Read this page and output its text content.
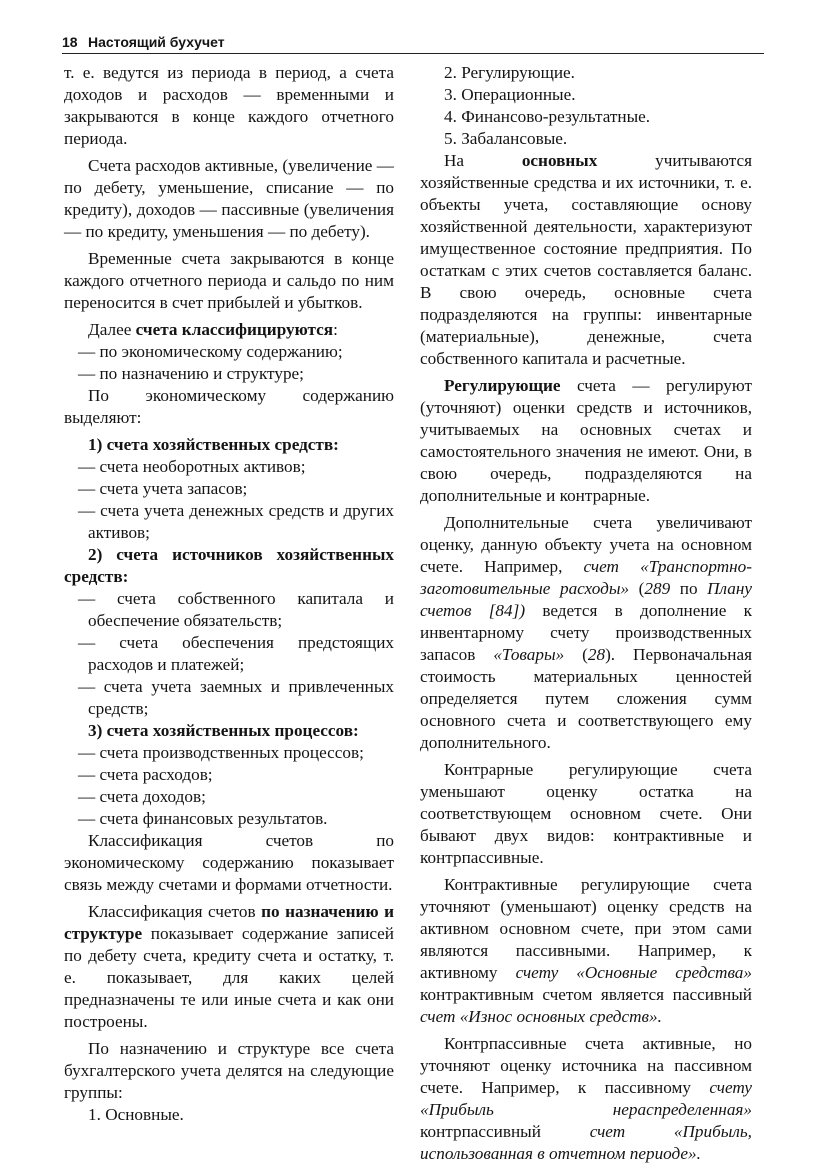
18 Настоящий бухучет

т. е. ведутся из периода в период, а счета доходов и расходов — временными и закрываются в конце каждого отчетного периода.

Счета расходов активные, (увеличение — по дебету, уменьшение, списание — по кредиту), доходов — пассивные (увеличения — по кредиту, уменьшения — по дебету).

Временные счета закрываются в конце каждого отчетного периода и сальдо по ним переносится в счет прибылей и убытков.

Далее счета классифицируются:

— по экономическому содержанию;

— по назначению и структуре;

По экономическому содержанию выделяют:

1) счета хозяйственных средств:

— счета необоротных активов;

— счета учета запасов;

— счета учета денежных средств и других активов;

2) счета источников хозяйственных средств:

— счета собственного капитала и обеспечение обязательств;

— счета обеспечения предстоящих расходов и платежей;

— счета учета заемных и привлеченных средств;

3) счета хозяйственных процессов:

— счета производственных процессов;

— счета расходов;

— счета доходов;

— счета финансовых результатов.

Классификация счетов по экономическому содержанию показывает связь между счетами и формами отчетности.

Классификация счетов по назначению и структуре показывает содержание записей по дебету счета, кредиту счета и остатку, т. е. показывает, для каких целей предназначены те или иные счета и как они построены.

По назначению и структуре все счета бухгалтерского учета делятся на следующие группы:

1. Основные.

2. Регулирующие.

3. Операционные.

4. Финансово-результатные.

5. Забалансовые.

На основных учитываются хозяйственные средства и их источники, т. е. объекты учета, составляющие основу хозяйственной деятельности, характеризуют имущественное состояние предприятия. По остаткам с этих счетов составляется баланс. В свою очередь, основные счета подразделяются на группы: инвентарные (материальные), денежные, счета собственного капитала и расчетные.

Регулирующие счета — регулируют (уточняют) оценки средств и источников, учитываемых на основных счетах и самостоятельного значения не имеют. Они, в свою очередь, подразделяются на дополнительные и контрарные.

Дополнительные счета увеличивают оценку, данную объекту учета на основном счете. Например, счет «Транспортно-заготовительные расходы» (289 по Плану счетов [84]) ведется в дополнение к инвентарному счету производственных запасов «Товары» (28). Первоначальная стоимость материальных ценностей определяется путем сложения сумм основного счета и соответствующего ему дополнительного.

Контрарные регулирующие счета уменьшают оценку остатка на соответствующем основном счете. Они бывают двух видов: контрактивные и контрпассивные.

Контрактивные регулирующие счета уточняют (уменьшают) оценку средств на активном основном счете, при этом сами являются пассивными. Например, к активному счету «Основные средства» контрактивным счетом является пассивный счет «Износ основных средств».

Контрпассивные счета активные, но уточняют оценку источника на пассивном счете. Например, к пассивному счету «Прибыль нераспределенная» контрпассивный счет «Прибыль, использованная в отчетном периоде».
